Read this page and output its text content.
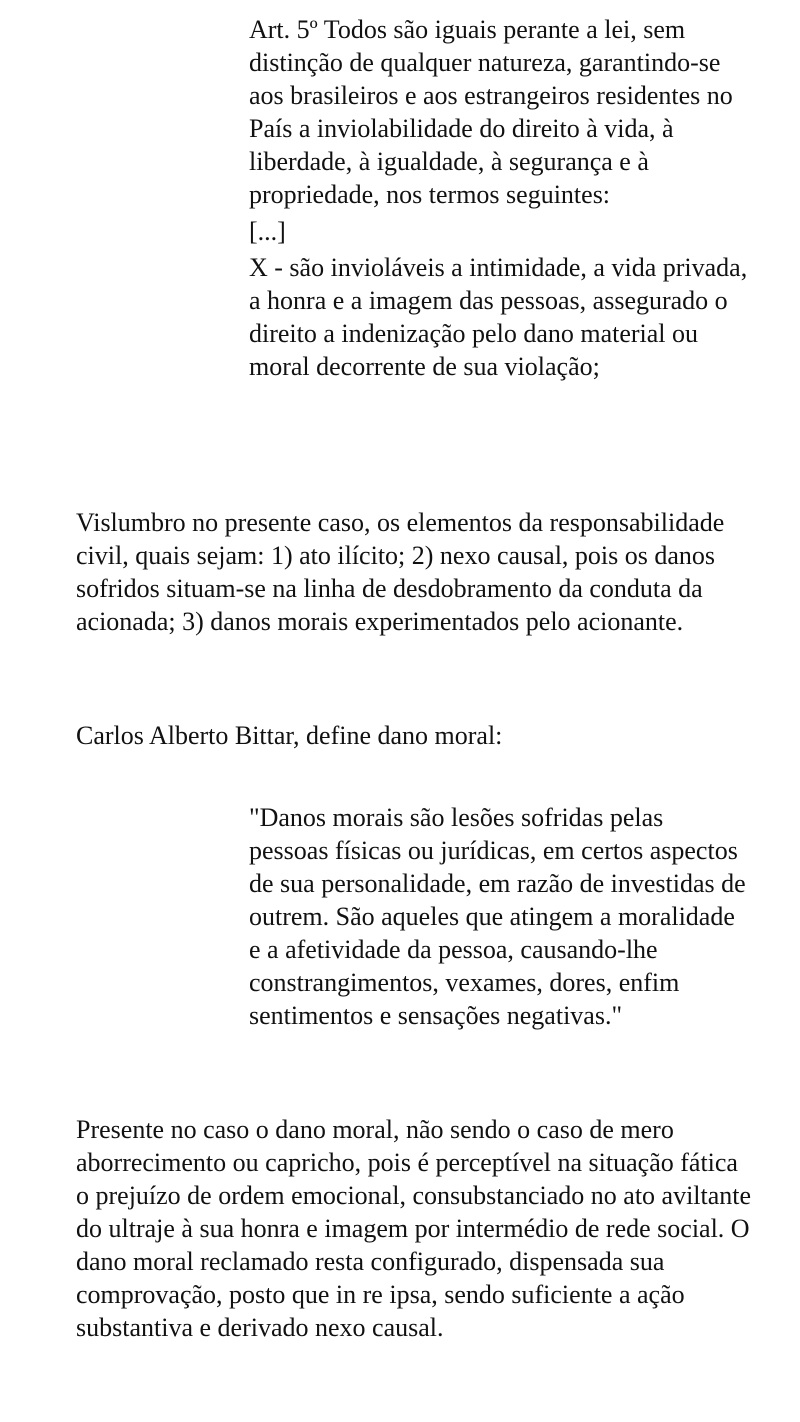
Art. 5º Todos são iguais perante a lei, sem distinção de qualquer natureza, garantindo-se aos brasileiros e aos estrangeiros residentes no País a inviolabilidade do direito à vida, à liberdade, à igualdade, à segurança e à propriedade, nos termos seguintes:

[...]

X - são invioláveis a intimidade, a vida privada, a honra e a imagem das pessoas, assegurado o direito a indenização pelo dano material ou moral decorrente de sua violação;

Vislumbro no presente caso, os elementos da responsabilidade civil, quais sejam: 1) ato ilícito; 2) nexo causal, pois os danos sofridos situam-se na linha de desdobramento da conduta da acionada; 3) danos morais experimentados pelo acionante.

Carlos Alberto Bittar, define dano moral:

"Danos morais são lesões sofridas pelas pessoas físicas ou jurídicas, em certos aspectos de sua personalidade, em razão de investidas de outrem. São aqueles que atingem a moralidade e a afetividade da pessoa, causando-lhe constrangimentos, vexames, dores, enfim sentimentos e sensações negativas."

Presente no caso o dano moral, não sendo o caso de mero aborrecimento ou capricho, pois é perceptível na situação fática o prejuízo de ordem emocional, consubstanciado no ato aviltante do ultraje à sua honra e imagem por intermédio de rede social. O dano moral reclamado resta configurado, dispensada sua comprovação, posto que in re ipsa, sendo suficiente a ação substantiva e derivado nexo causal.
